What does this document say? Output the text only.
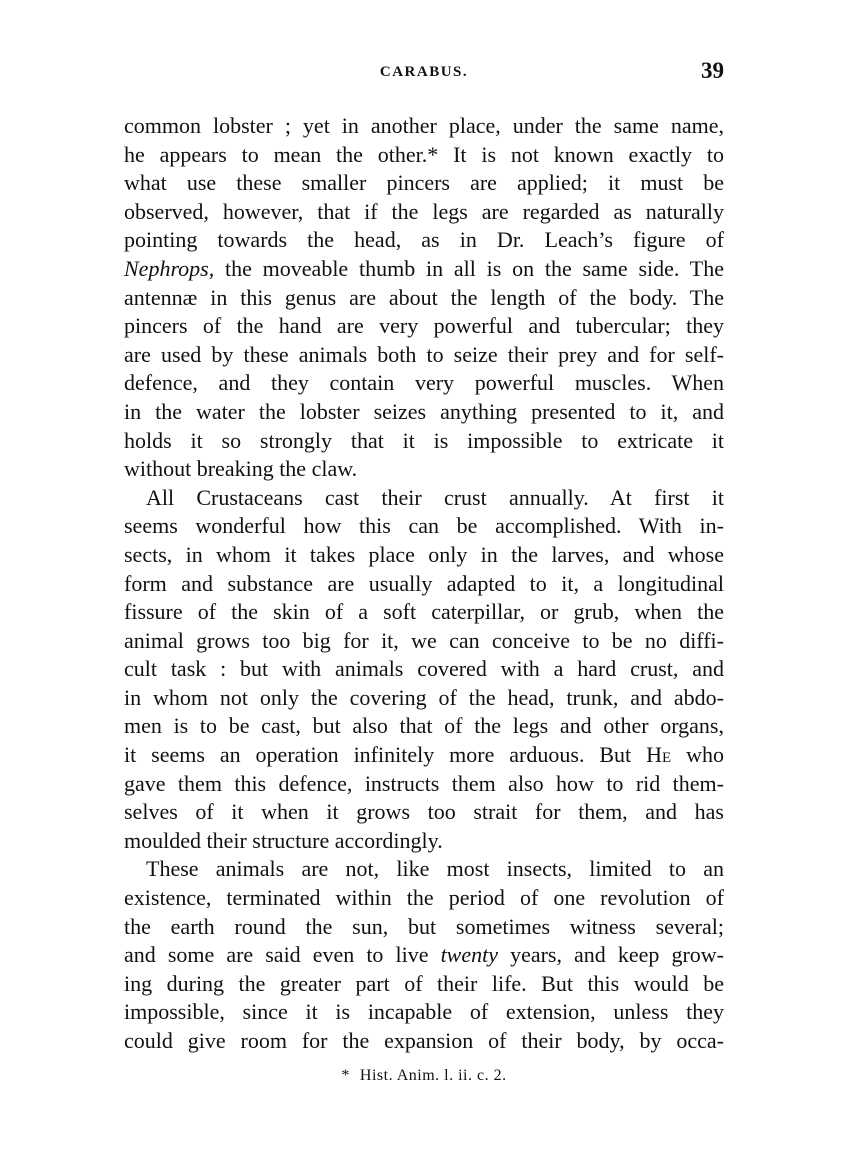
CARABUS.	39
common lobster ; yet in another place, under the same name,
he appears to mean the other.* It is not known exactly to
what use these smaller pincers are applied; it must be
observed, however, that if the legs are regarded as naturally
pointing towards the head, as in Dr. Leach’s figure of
Nephrops, the moveable thumb in all is on the same side. The
antennæ in this genus are about the length of the body. The
pincers of the hand are very powerful and tubercular; they
are used by these animals both to seize their prey and for self-
defence, and they contain very powerful muscles. When
in the water the lobster seizes anything presented to it, and
holds it so strongly that it is impossible to extricate it
without breaking the claw.
All Crustaceans cast their crust annually. At first it
seems wonderful how this can be accomplished. With in-
sects, in whom it takes place only in the larves, and whose
form and substance are usually adapted to it, a longitudinal
fissure of the skin of a soft caterpillar, or grub, when the
animal grows too big for it, we can conceive to be no diffi-
cult task : but with animals covered with a hard crust, and
in whom not only the covering of the head, trunk, and abdo-
men is to be cast, but also that of the legs and other organs,
it seems an operation infinitely more arduous. But He who
gave them this defence, instructs them also how to rid them-
selves of it when it grows too strait for them, and has
moulded their structure accordingly.
These animals are not, like most insects, limited to an
existence, terminated within the period of one revolution of
the earth round the sun, but sometimes witness several;
and some are said even to live twenty years, and keep grow-
ing during the greater part of their life. But this would be
impossible, since it is incapable of extension, unless they
could give room for the expansion of their body, by occa-
* Hist. Anim. l. ii. c. 2.
